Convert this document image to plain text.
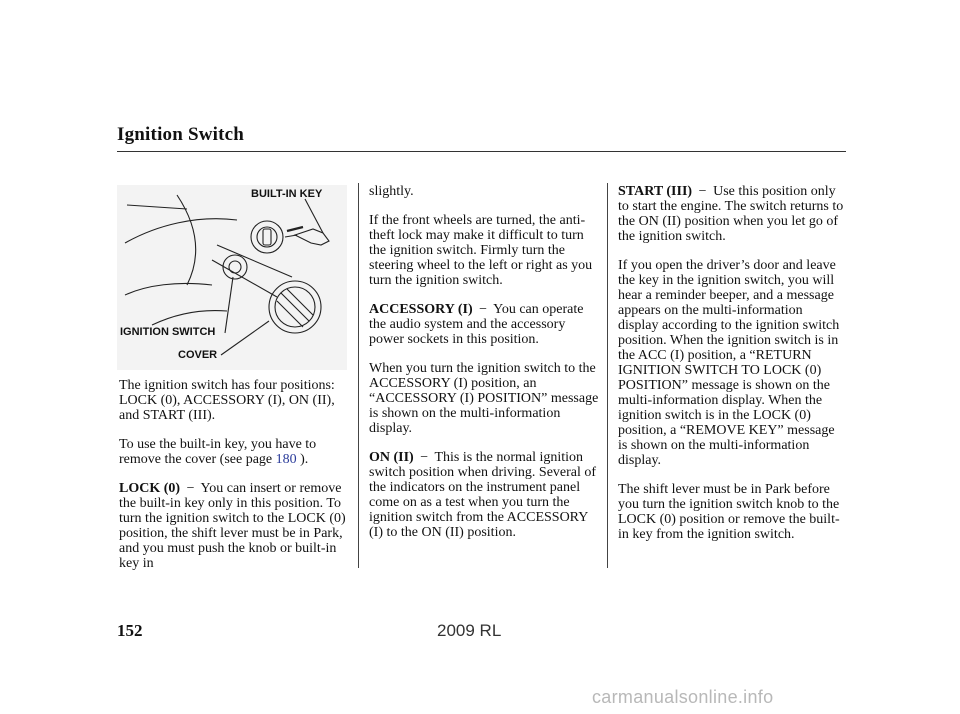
Ignition Switch
BUILT-IN KEY
IGNITION SWITCH
COVER

The ignition switch has four positions: LOCK (0), ACCESSORY (I), ON (II), and START (III).

To use the built-in key, you have to remove the cover (see page 180 ).

LOCK (0) − You can insert or remove the built-in key only in this position. To turn the ignition switch to the LOCK (0) position, the shift lever must be in Park, and you must push the knob or built-in key in

slightly.

If the front wheels are turned, the anti-theft lock may make it difficult to turn the ignition switch. Firmly turn the steering wheel to the left or right as you turn the ignition switch.

ACCESSORY (I) − You can operate the audio system and the accessory power sockets in this position.

When you turn the ignition switch to the ACCESSORY (I) position, an “ACCESSORY (I) POSITION” message is shown on the multi-information display.

ON (II) − This is the normal ignition switch position when driving. Several of the indicators on the instrument panel come on as a test when you turn the ignition switch from the ACCESSORY (I) to the ON (II) position.

START (III) − Use this position only to start the engine. The switch returns to the ON (II) position when you let go of the ignition switch.

If you open the driver’s door and leave the key in the ignition switch, you will hear a reminder beeper, and a message appears on the multi-information display according to the ignition switch position. When the ignition switch is in the ACC (I) position, a “RETURN IGNITION SWITCH TO LOCK (0) POSITION” message is shown on the multi-information display. When the ignition switch is in the LOCK (0) position, a “REMOVE KEY” message is shown on the multi-information display.

The shift lever must be in Park before you turn the ignition switch knob to the LOCK (0) position or remove the built-in key from the ignition switch.

152	2009 RL
carmanualsonline.info
